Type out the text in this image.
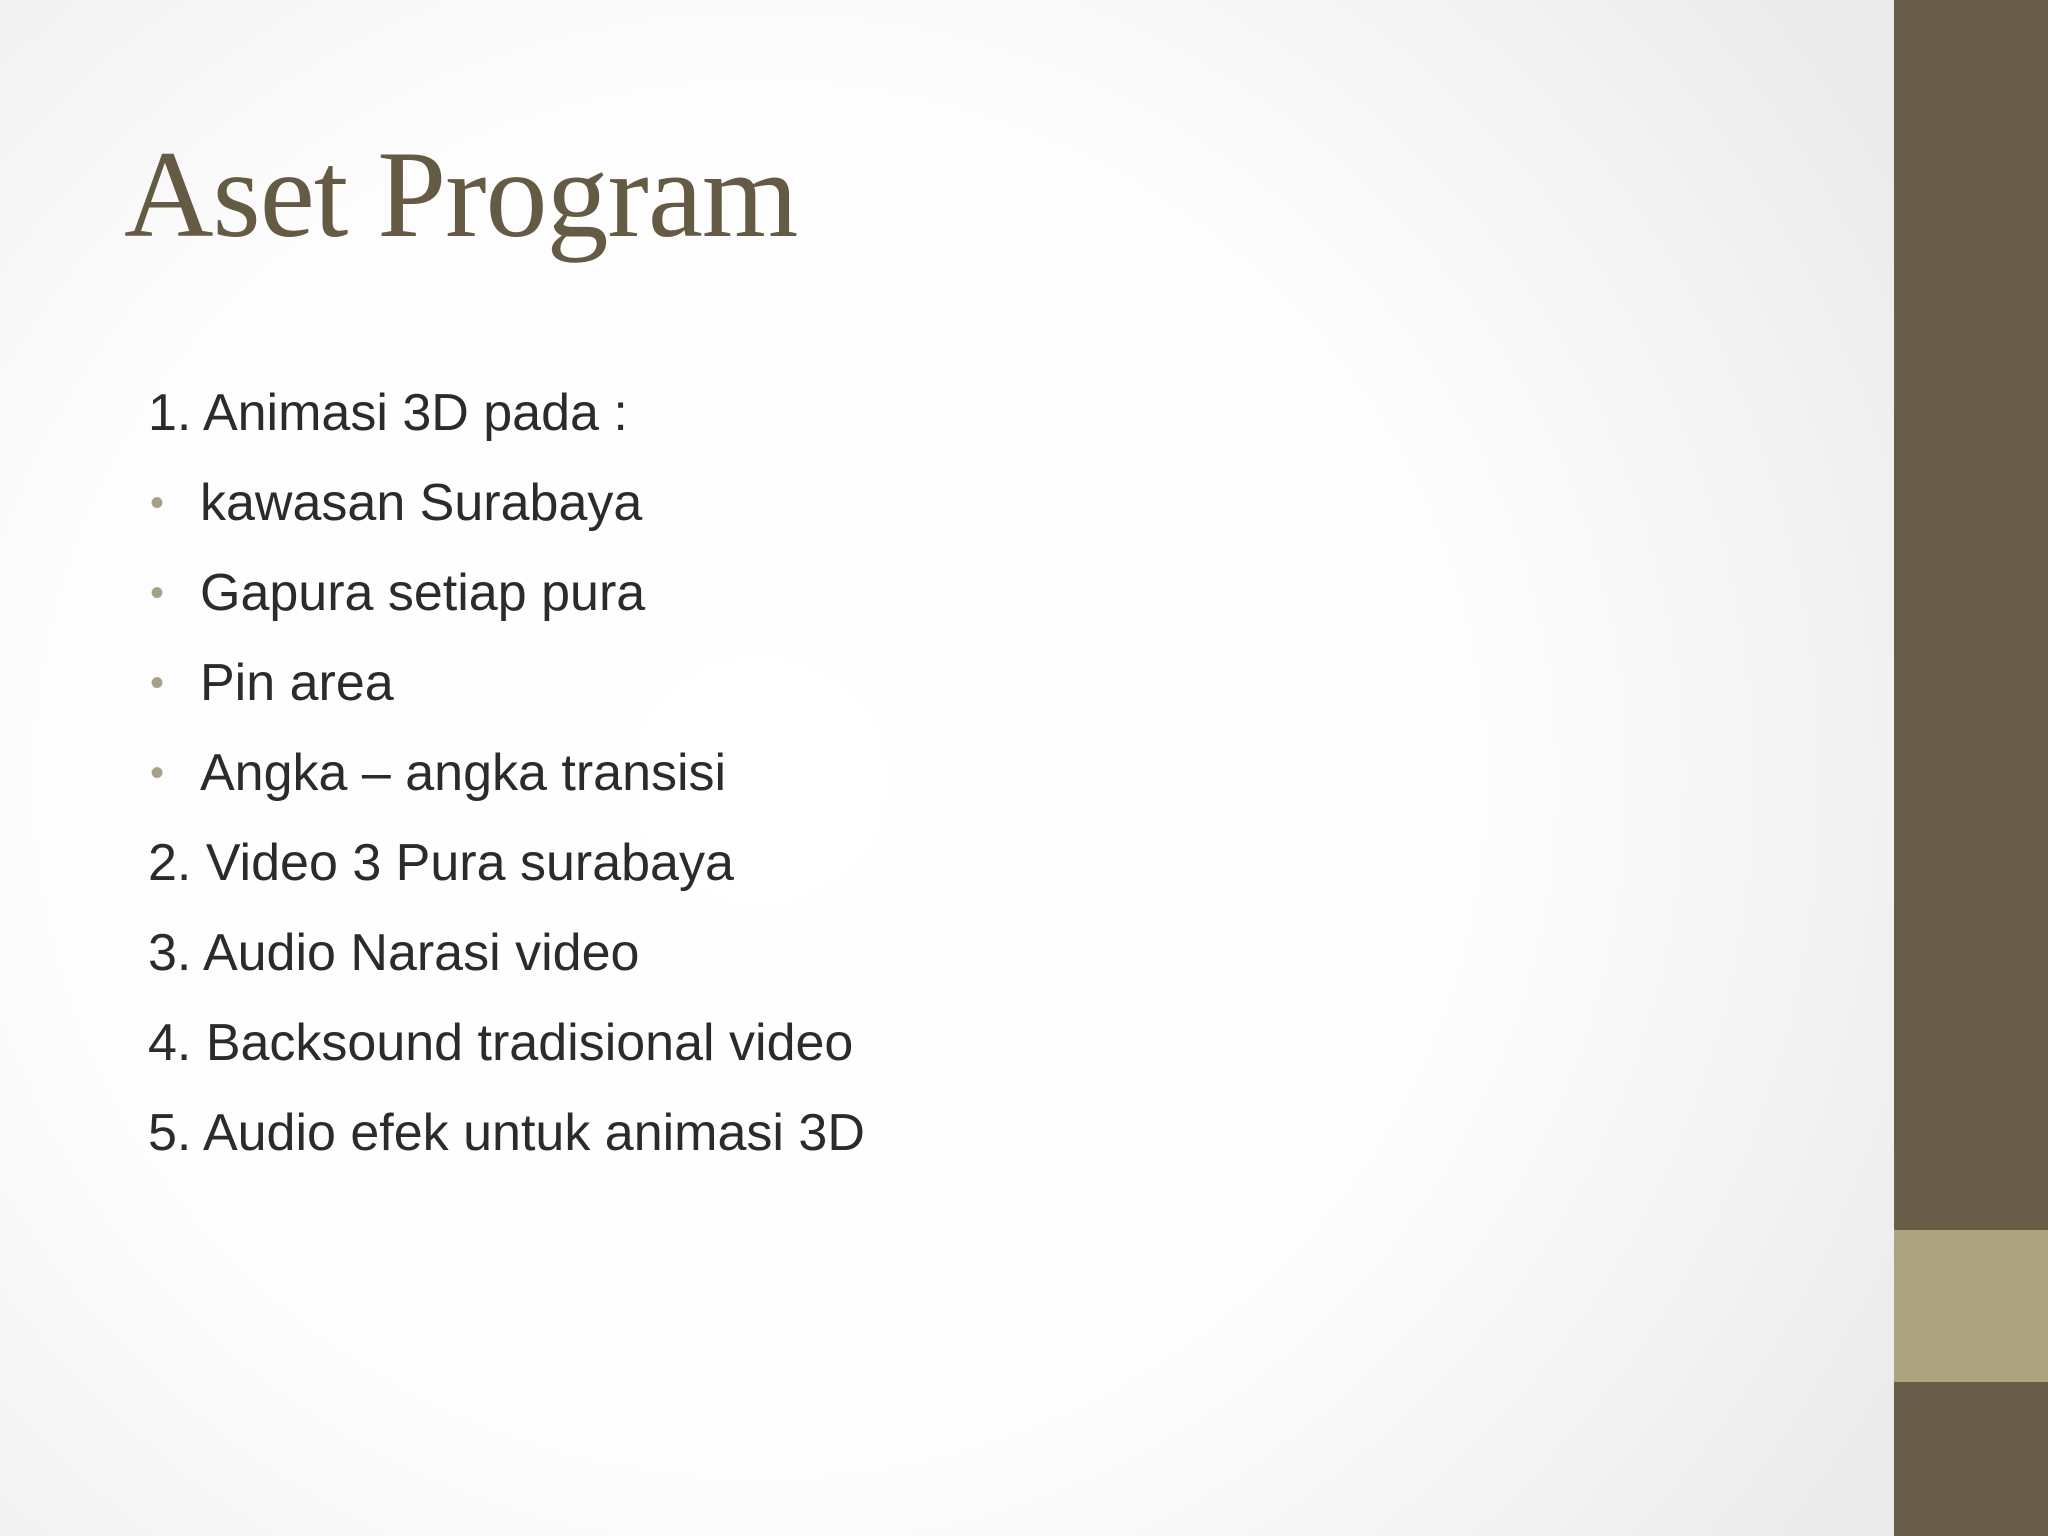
Aset Program
1. Animasi 3D pada :
• kawasan Surabaya
• Gapura setiap pura
• Pin area
• Angka – angka transisi
2. Video 3 Pura surabaya
3. Audio Narasi video
4. Backsound tradisional video
5. Audio efek untuk animasi 3D
